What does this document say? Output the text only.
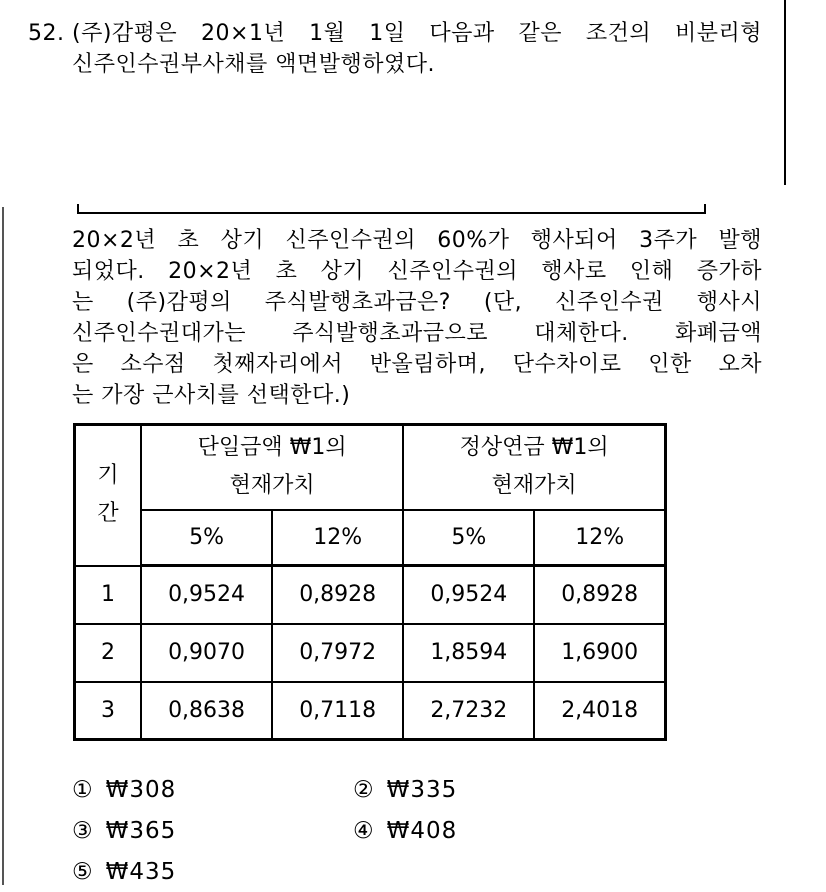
52. (주)감평은 20×1년 1월 1일 다음과 같은 조건의 비분리형
신주인수권부사채를 액면발행하였다.
20×2년 초 상기 신주인수권의 60%가 행사되어 3주가 발행
되었다. 20×2년 초 상기 신주인수권의 행사로 인해 증가하
는 (주)감평의 주식발행초과금은? (단, 신주인수권 행사시
신주인수권대가는 주식발행초과금으로 대체한다. 화폐금액
은 소수점 첫째자리에서 반올림하며, 단수차이로 인한 오차
는 가장 근사치를 선택한다.)
기
간

단일금액 ₩1의
현재가치

정상연금 ₩1의
현재가치

	5%	12%	5%	12%
1	0,9524	0,8928	0,9524	0,8928
2	0,9070	0,7972	1,8594	1,6900
3	0,8638	0,7118	2,7232	2,4018
① ₩308	② ₩335
③ ₩365	④ ₩408
⑤ ₩435
